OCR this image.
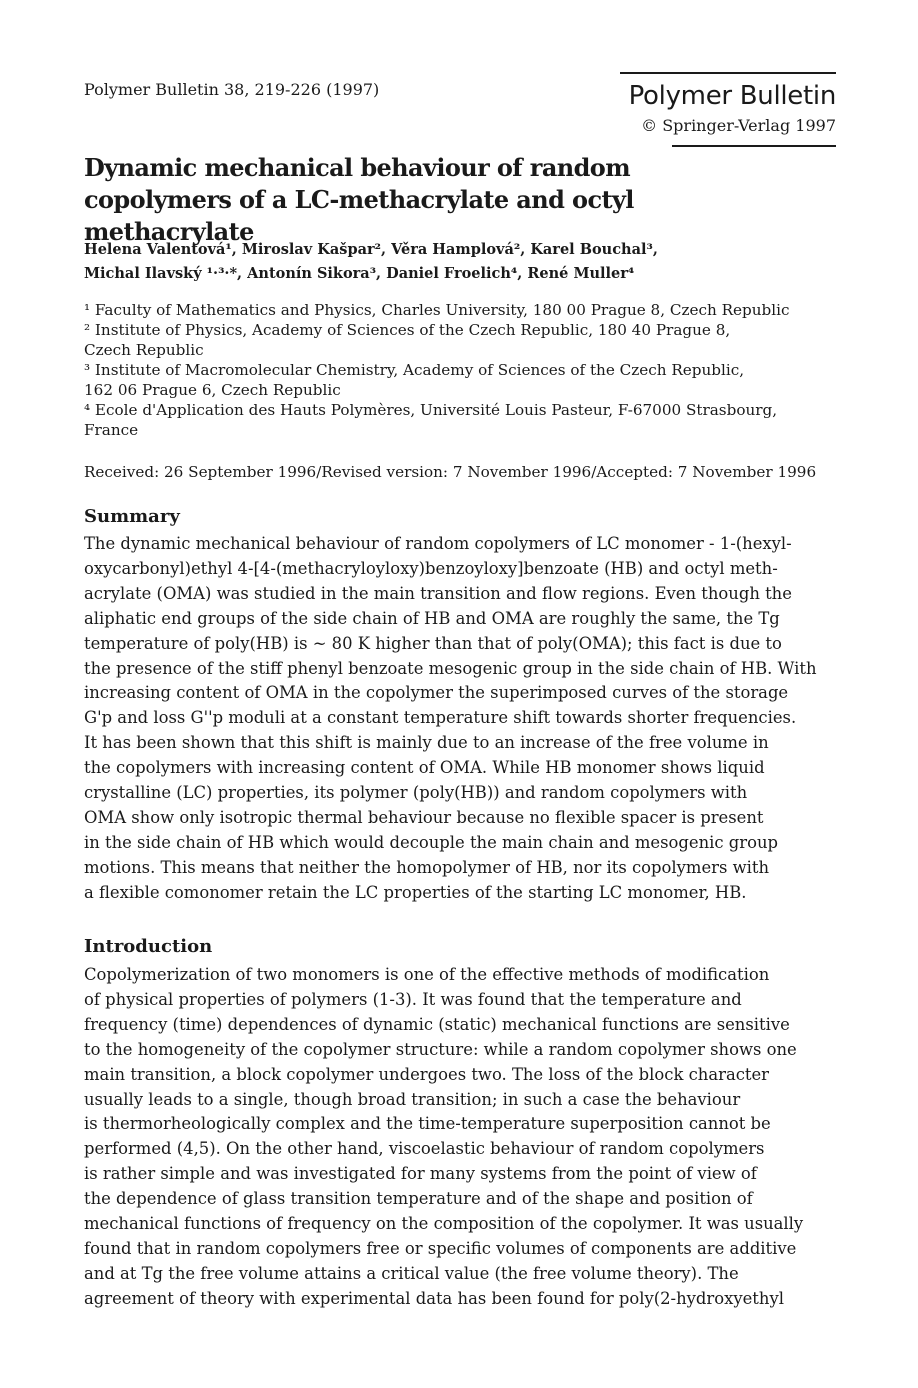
Polymer Bulletin 38, 219-226 (1997)	Polymer Bulletin
© Springer-Verlag 1997
Dynamic mechanical behaviour of random
copolymers of a LC-methacrylate and octyl methacrylate
Helena Valentová¹, Miroslav Kašpar², Věra Hamplová², Karel Bouchal³,
Michal Ilavský ¹·³·*, Antonín Sikora³, Daniel Froelich⁴, René Muller⁴
¹ Faculty of Mathematics and Physics, Charles University, 180 00 Prague 8, Czech Republic
² Institute of Physics, Academy of Sciences of the Czech Republic, 180 40 Prague 8,
Czech Republic
³ Institute of Macromolecular Chemistry, Academy of Sciences of the Czech Republic,
162 06 Prague 6, Czech Republic
⁴ Ecole d'Application des Hauts Polymères, Université Louis Pasteur, F-67000 Strasbourg,
France
Received: 26 September 1996/Revised version: 7 November 1996/Accepted: 7 November 1996
Summary
The dynamic mechanical behaviour of random copolymers of LC monomer - 1-(hexyl-
oxycarbonyl)ethyl 4-[4-(methacryloyloxy)benzoyloxy]benzoate (HB) and octyl meth-
acrylate (OMA) was studied in the main transition and flow regions. Even though the
aliphatic end groups of the side chain of HB and OMA are roughly the same, the Tg
temperature of poly(HB) is ~ 80 K higher than that of poly(OMA); this fact is due to
the presence of the stiff phenyl benzoate mesogenic group in the side chain of HB. With
increasing content of OMA in the copolymer the superimposed curves of the storage
G'p and loss G''p moduli at a constant temperature shift towards shorter frequencies.
It has been shown that this shift is mainly due to an increase of the free volume in
the copolymers with increasing content of OMA. While HB monomer shows liquid
crystalline (LC) properties, its polymer (poly(HB)) and random copolymers with
OMA show only isotropic thermal behaviour because no flexible spacer is present
in the side chain of HB which would decouple the main chain and mesogenic group
motions. This means that neither the homopolymer of HB, nor its copolymers with
a flexible comonomer retain the LC properties of the starting LC monomer, HB.
Introduction
Copolymerization of two monomers is one of the effective methods of modification
of physical properties of polymers (1-3). It was found that the temperature and
frequency (time) dependences of dynamic (static) mechanical functions are sensitive
to the homogeneity of the copolymer structure: while a random copolymer shows one
main transition, a block copolymer undergoes two. The loss of the block character
usually leads to a single, though broad transition; in such a case the behaviour
is thermorheologically complex and the time-temperature superposition cannot be
performed (4,5). On the other hand, viscoelastic behaviour of random copolymers
is rather simple and was investigated for many systems from the point of view of
the dependence of glass transition temperature and of the shape and position of
mechanical functions of frequency on the composition of the copolymer. It was usually
found that in random copolymers free or specific volumes of components are additive
and at Tg the free volume attains a critical value (the free volume theory). The
agreement of theory with experimental data has been found for poly(2-hydroxyethyl
